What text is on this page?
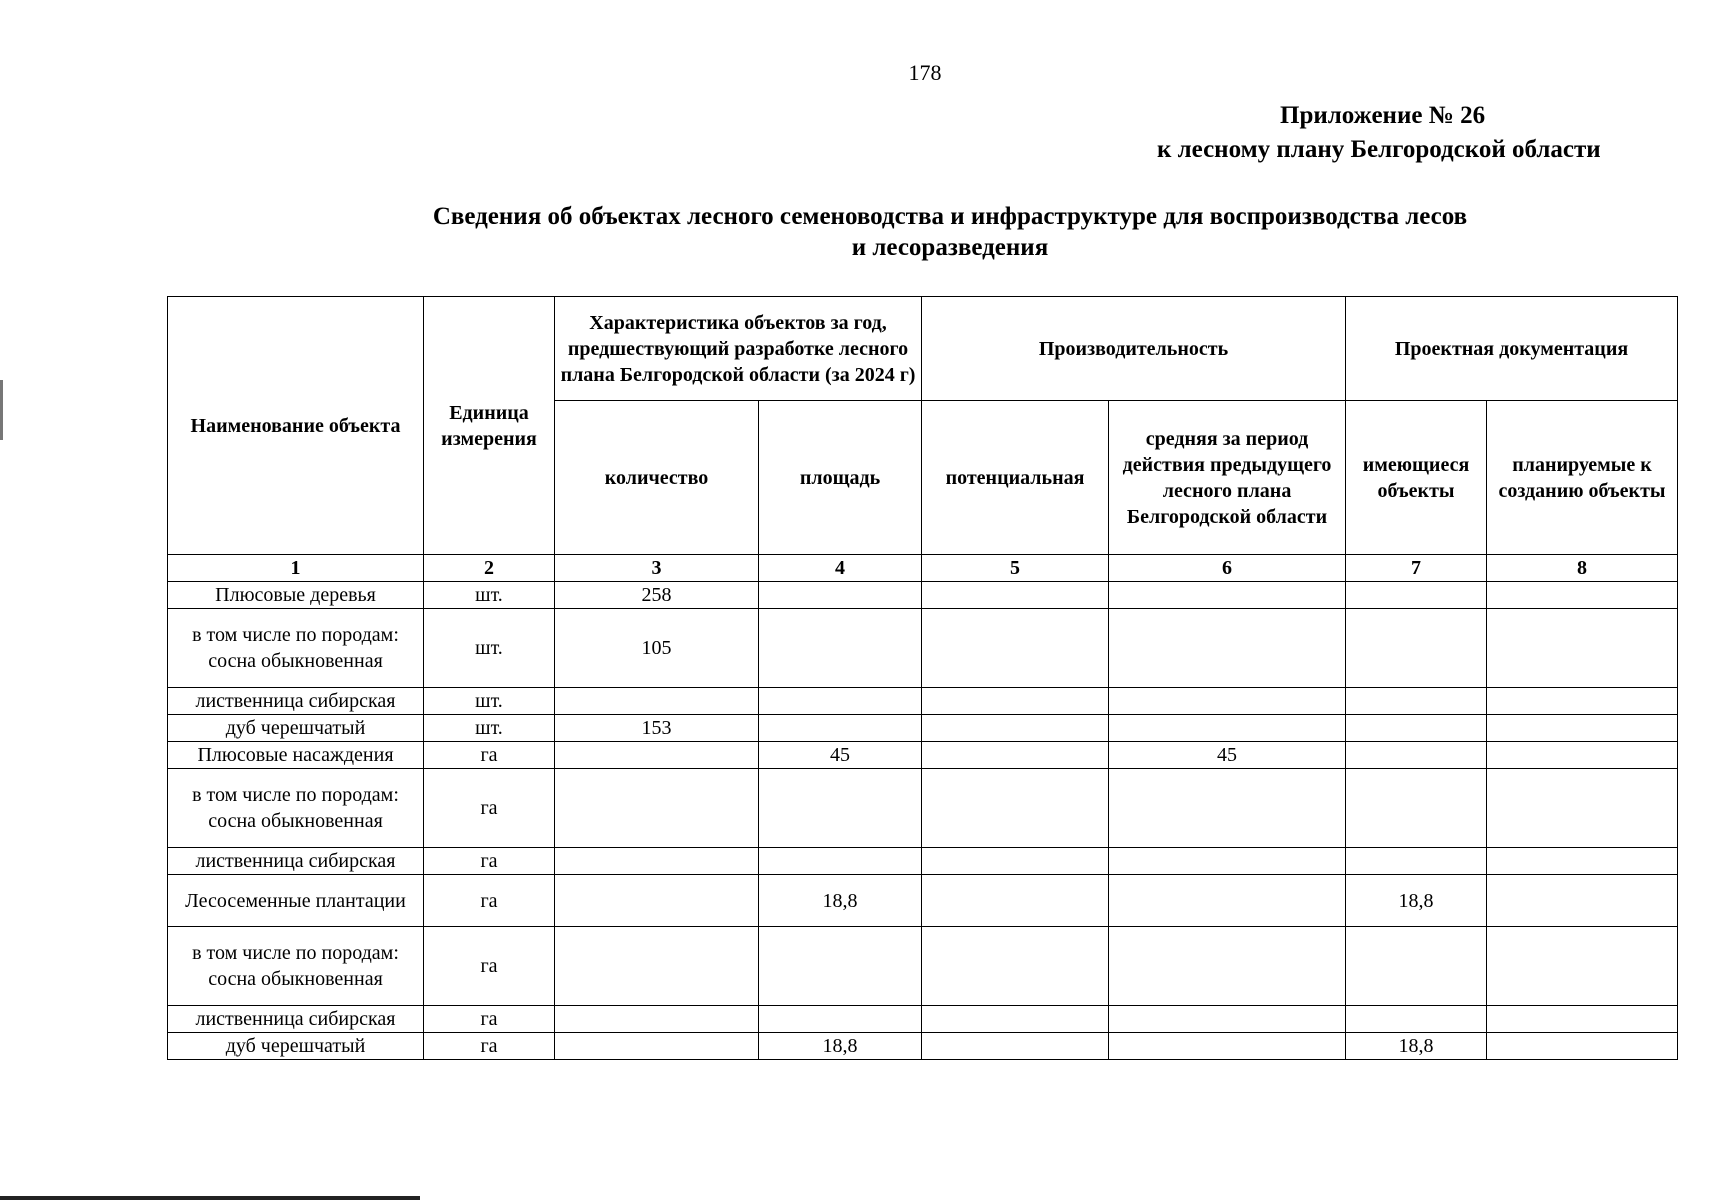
178
Приложение № 26
к лесному плану Белгородской области
Сведения об объектах лесного семеноводства и инфраструктуре для воспроизводства лесов
и лесоразведения
Наименование объекта	Единица измерения	Характеристика объектов за год, предшествующий разработке лесного плана Белгородской области (за 2024 г)		Производительность		Проектная документация	
		количество	площадь	потенциальная	средняя за период действия предыдущего лесного плана Белгородской области	имеющиеся объекты	планируемые к созданию объекты
1	2	3	4	5	6	7	8
Плюсовые деревья	шт.	258					
в том числе по породам: сосна обыкновенная	шт.	105					
лиственница сибирская	шт.						
дуб черешчатый	шт.	153					
Плюсовые насаждения	га		45		45		
в том числе по породам: сосна обыкновенная	га						
лиственница сибирская	га						
Лесосеменные плантации	га		18,8			18,8	
в том числе по породам: сосна обыкновенная	га						
лиственница сибирская	га						
дуб черешчатый	га		18,8			18,8	
